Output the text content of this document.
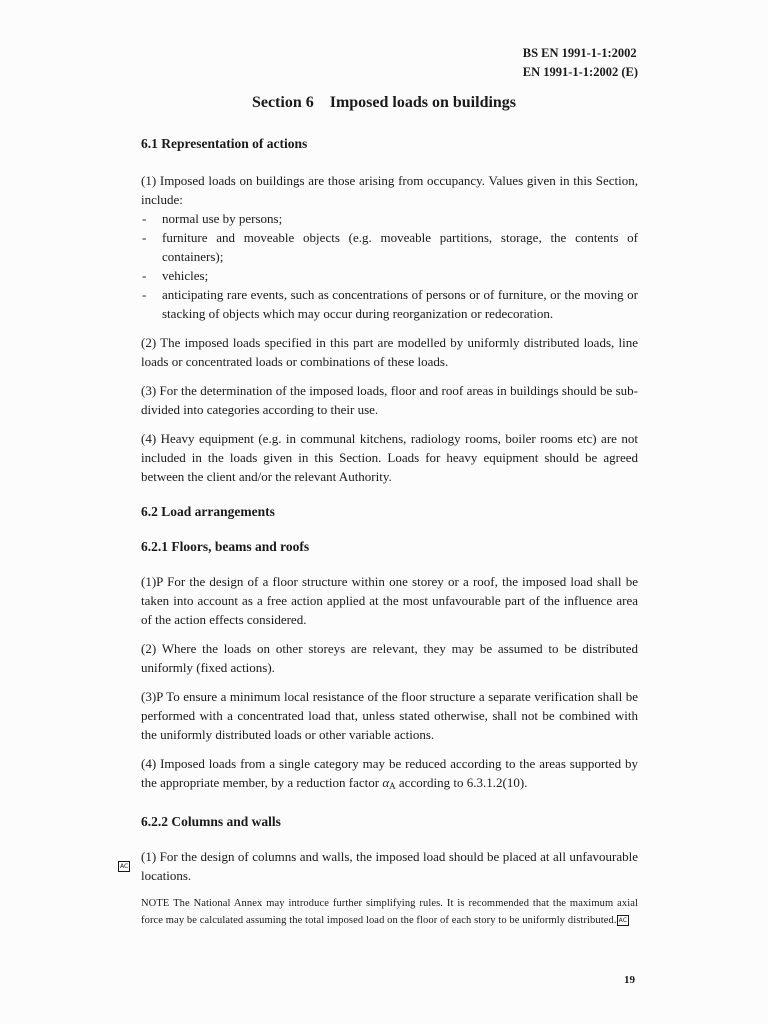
BS EN 1991-1-1:2002
EN 1991-1-1:2002 (E)
Section 6    Imposed loads on buildings
6.1 Representation of actions

(1) Imposed loads on buildings are those arising from occupancy. Values given in this Section, include:

- normal use by persons;
- furniture and moveable objects (e.g. moveable partitions, storage, the contents of containers);
- vehicles;
- anticipating rare events, such as concentrations of persons or of furniture, or the moving or stacking of objects which may occur during reorganization or redecoration.

(2) The imposed loads specified in this part are modelled by uniformly distributed loads, line loads or concentrated loads or combinations of these loads.

(3) For the determination of the imposed loads, floor and roof areas in buildings should be sub-divided into categories according to their use.

(4) Heavy equipment (e.g. in communal kitchens, radiology rooms, boiler rooms etc) are not included in the loads given in this Section. Loads for heavy equipment should be agreed between the client and/or the relevant Authority.

6.2 Load arrangements
6.2.1 Floors, beams and roofs

(1)P For the design of a floor structure within one storey or a roof, the imposed load shall be taken into account as a free action applied at the most unfavourable part of the influence area of the action effects considered.

(2) Where the loads on other storeys are relevant, they may be assumed to be distributed uniformly (fixed actions).

(3)P To ensure a minimum local resistance of the floor structure a separate verification shall be performed with a concentrated load that, unless stated otherwise, shall not be combined with the uniformly distributed loads or other variable actions.

(4) Imposed loads from a single category may be reduced according to the areas supported by the appropriate member, by a reduction factor $\alpha_A$ according to 6.3.1.2(10).

6.2.2 Columns and walls

(1) For the design of columns and walls, the imposed load should be placed at all unfavourable locations.

NOTE The National Annex may introduce further simplifying rules. It is recommended that the maximum axial force may be calculated assuming the total imposed load on the floor of each story to be uniformly distributed. AC

AC
19
